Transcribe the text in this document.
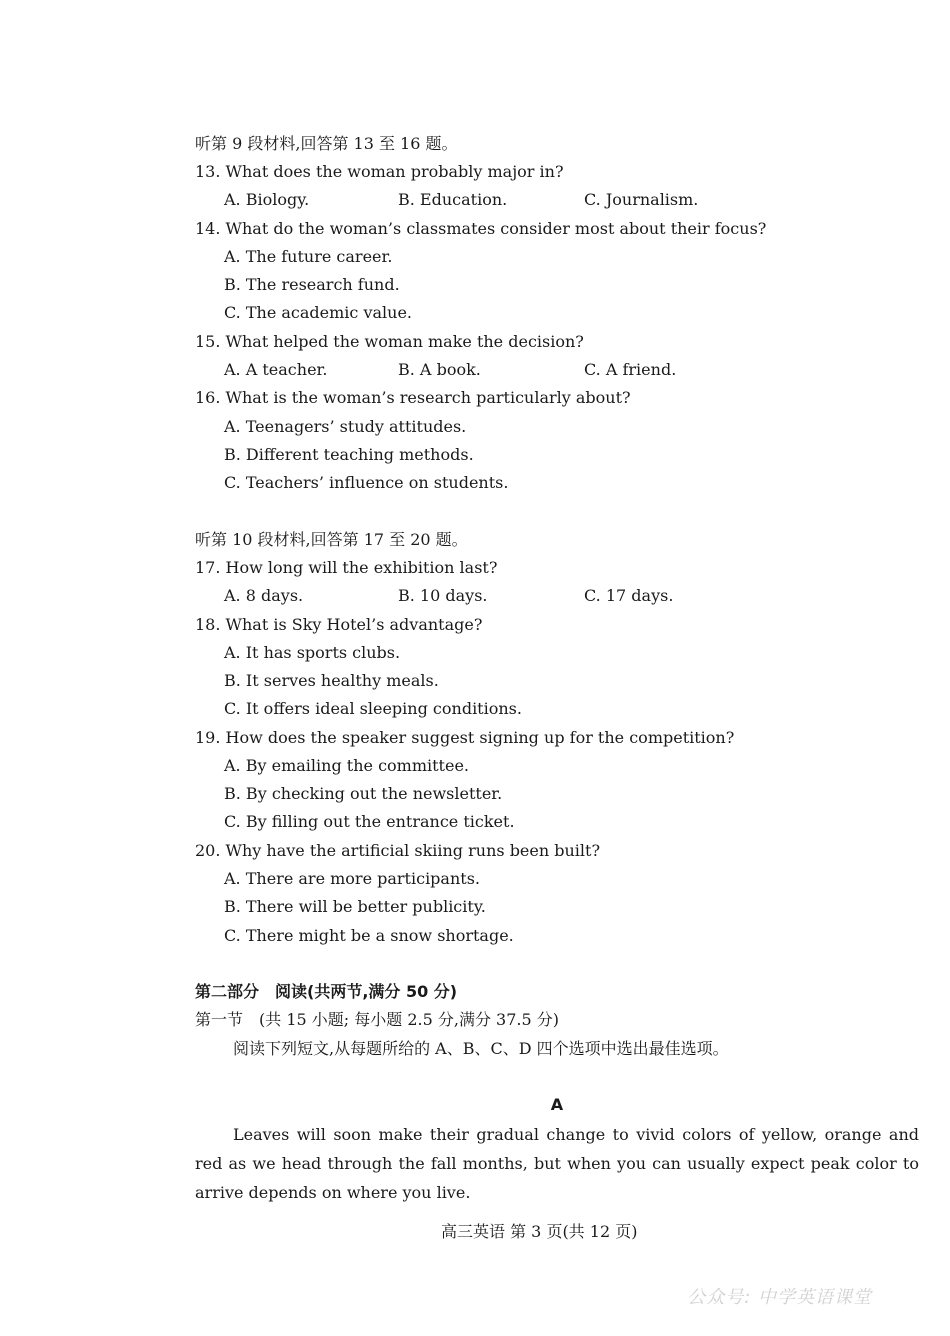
听第 9 段材料,回答第 13 至 16 题。
13. What does the woman probably major in?
A. Biology.	B. Education.	C. Journalism.
14. What do the woman’s classmates consider most about their focus?
A. The future career.
B. The research fund.
C. The academic value.
15. What helped the woman make the decision?
A. A teacher.	B. A book.	C. A friend.
16. What is the woman’s research particularly about?
A. Teenagers’ study attitudes.
B. Different teaching methods.
C. Teachers’ influence on students.
听第 10 段材料,回答第 17 至 20 题。
17. How long will the exhibition last?
A. 8 days.	B. 10 days.	C. 17 days.
18. What is Sky Hotel’s advantage?
A. It has sports clubs.
B. It serves healthy meals.
C. It offers ideal sleeping conditions.
19. How does the speaker suggest signing up for the competition?
A. By emailing the committee.
B. By checking out the newsletter.
C. By filling out the entrance ticket.
20. Why have the artificial skiing runs been built?
A. There are more participants.
B. There will be better publicity.
C. There might be a snow shortage.
第二部分　阅读(共两节,满分 50 分)
第一节　(共 15 小题; 每小题 2.5 分,满分 37.5 分)
阅读下列短文,从每题所给的 A、B、C、D 四个选项中选出最佳选项。
A
Leaves will soon make their gradual change to vivid colors of yellow, orange and red as we head through the fall months, but when you can usually expect peak color to arrive depends on where you live.
高三英语 第 3 页(共 12 页)
公众号: 中学英语课堂
